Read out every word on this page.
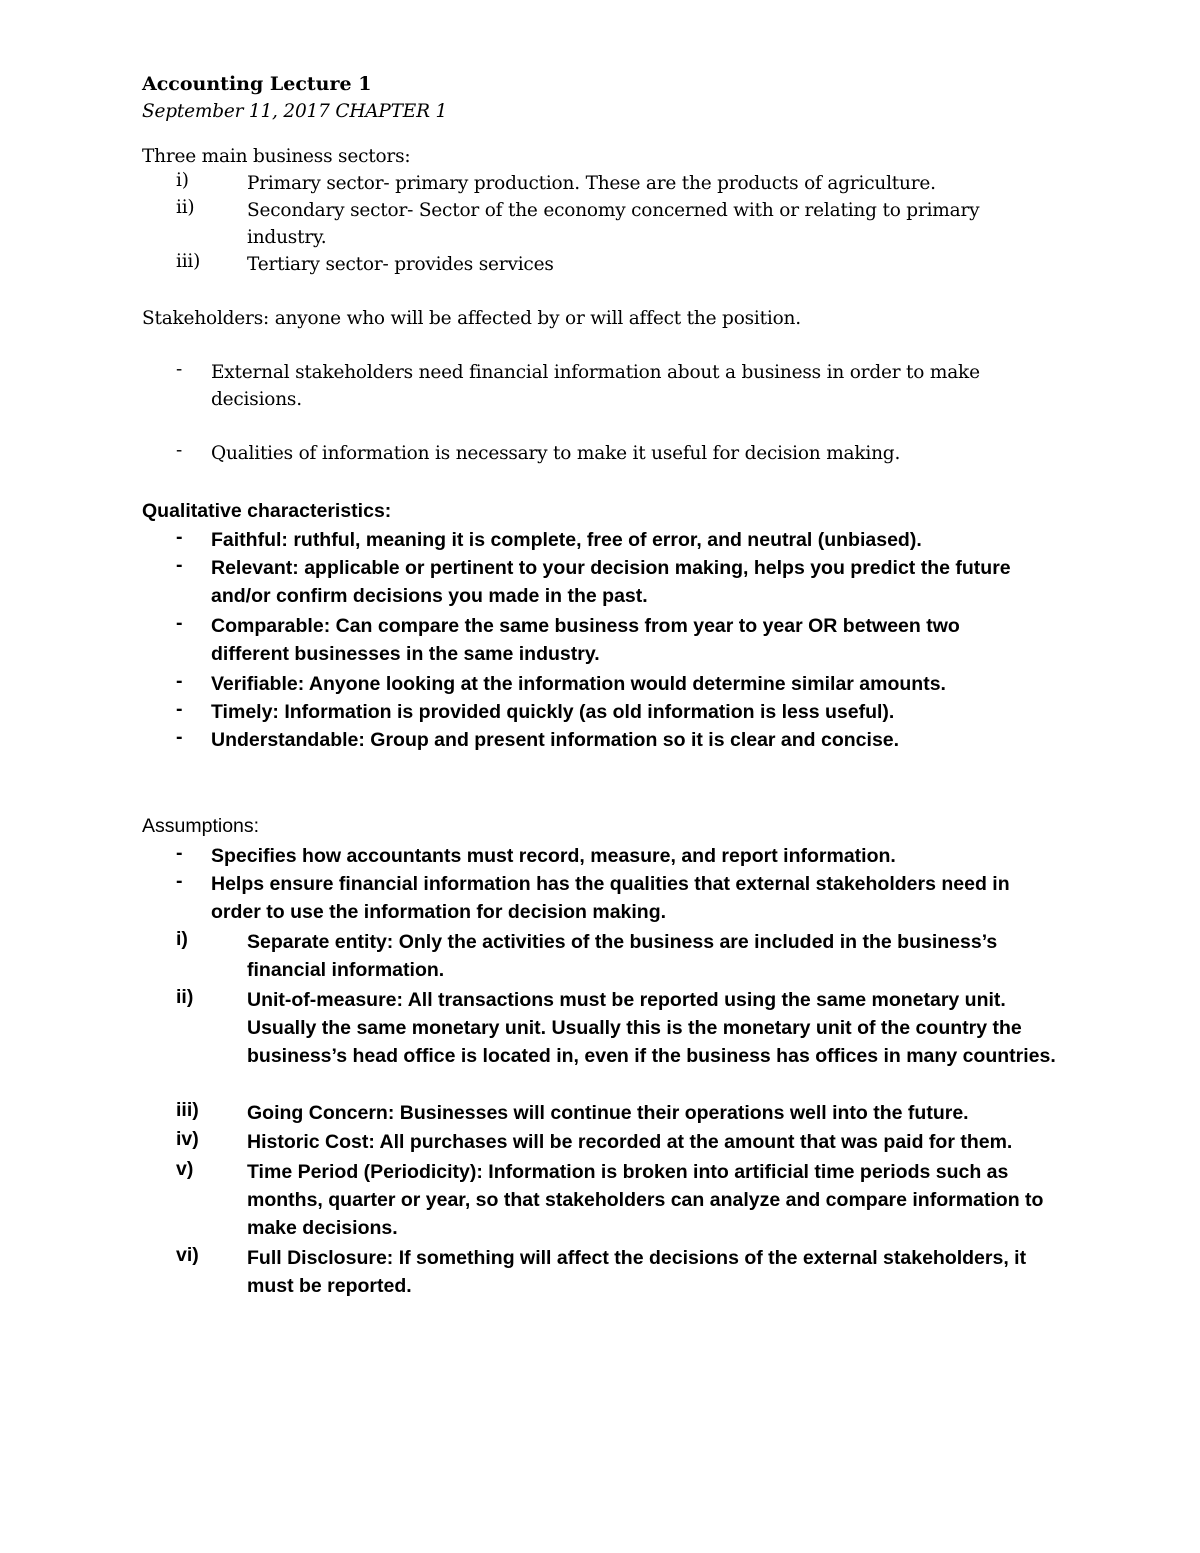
Accounting Lecture 1
September 11, 2017 CHAPTER 1
Three main business sectors:
i)	Primary sector- primary production. These are the products of agriculture.
ii)	Secondary sector- Sector of the economy concerned with or relating to primary industry.
iii)	Tertiary sector- provides services
Stakeholders: anyone who will be affected by or will affect the position.
- External stakeholders need financial information about a business in order to make decisions.
- Qualities of information is necessary to make it useful for decision making.
Qualitative characteristics:
- Faithful: ruthful, meaning it is complete, free of error, and neutral (unbiased).
- Relevant: applicable or pertinent to your decision making, helps you predict the future and/or confirm decisions you made in the past.
- Comparable: Can compare the same business from year to year OR between two different businesses in the same industry.
- Verifiable: Anyone looking at the information would determine similar amounts.
- Timely: Information is provided quickly (as old information is less useful).
- Understandable: Group and present information so it is clear and concise.
Assumptions:
- Specifies how accountants must record, measure, and report information.
- Helps ensure financial information has the qualities that external stakeholders need in order to use the information for decision making.
i)	Separate entity: Only the activities of the business are included in the business’s financial information.
ii)	Unit-of-measure: All transactions must be reported using the same monetary unit. Usually the same monetary unit. Usually this is the monetary unit of the country the business’s head office is located in, even if the business has offices in many countries.
iii) Going Concern: Businesses will continue their operations well into the future.
iv) Historic Cost: All purchases will be recorded at the amount that was paid for them.
v)	Time Period (Periodicity): Information is broken into artificial time periods such as months, quarter or year, so that stakeholders can analyze and compare information to make decisions.
vi) Full Disclosure: If something will affect the decisions of the external stakeholders, it must be reported.
